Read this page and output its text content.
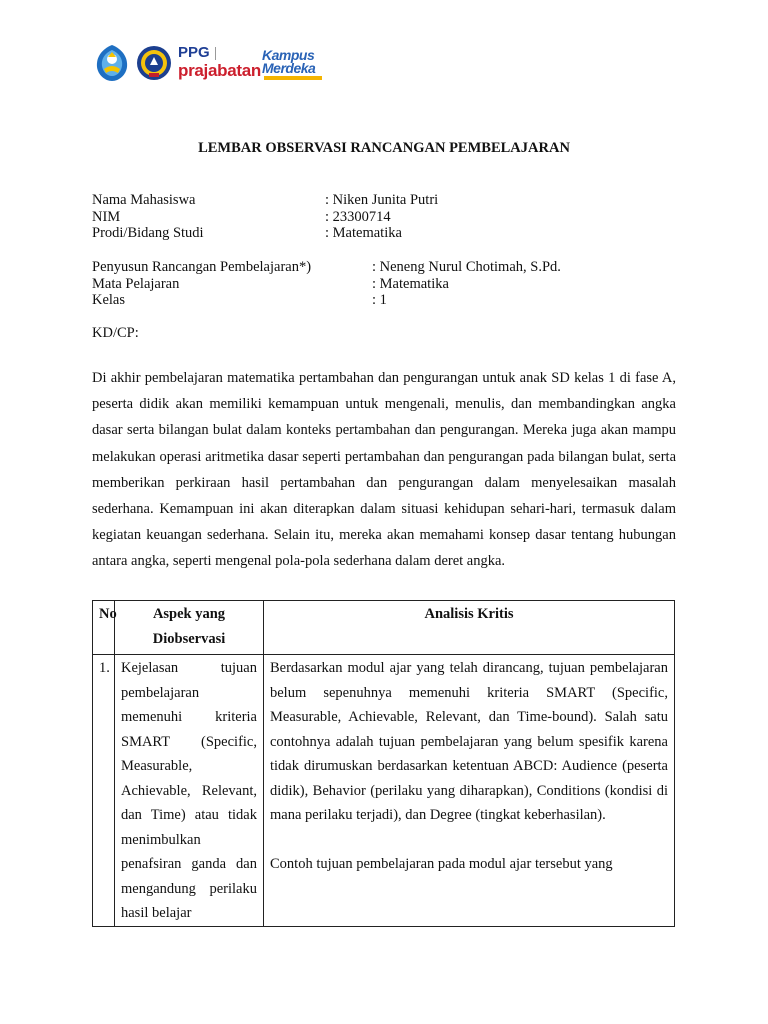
PPG

prajabatan
Kampus
Merdeka
LEMBAR OBSERVASI RANCANGAN PEMBELAJARAN
Nama Mahasiswa	: Niken Junita Putri
NIM	: 23300714
Prodi/Bidang Studi	: Matematika
Penyusun Rancangan Pembelajaran*)	: Neneng Nurul Chotimah, S.Pd.
Mata Pelajaran	: Matematika
Kelas	: 1
KD/CP:
Di akhir pembelajaran matematika pertambahan dan pengurangan untuk anak SD kelas 1 di fase A, peserta didik akan memiliki kemampuan untuk mengenali, menulis, dan membandingkan angka dasar serta bilangan bulat dalam konteks pertambahan dan pengurangan. Mereka juga akan mampu melakukan operasi aritmetika dasar seperti pertambahan dan pengurangan pada bilangan bulat, serta memberikan perkiraan hasil pertambahan dan pengurangan dalam menyelesaikan masalah sederhana. Kemampuan ini akan diterapkan dalam situasi kehidupan sehari-hari, termasuk dalam kegiatan keuangan sederhana. Selain itu, mereka akan memahami konsep dasar tentang hubungan antara angka, seperti mengenal pola-pola sederhana dalam deret angka.
No	Aspek yang Diobservasi	Analisis Kritis
1.	Kejelasan tujuan pembelajaran memenuhi kriteria SMART (Specific, Measurable, Achievable, Relevant, dan Time) atau tidak menimbulkan penafsiran ganda dan mengandung perilaku hasil belajar	Berdasarkan modul ajar yang telah dirancang, tujuan pembelajaran belum sepenuhnya memenuhi kriteria SMART (Specific, Measurable, Achievable, Relevant, dan Time-bound). Salah satu contohnya adalah tujuan pembelajaran yang belum spesifik karena tidak dirumuskan berdasarkan ketentuan ABCD: Audience (peserta didik), Behavior (perilaku yang diharapkan), Conditions (kondisi di mana perilaku terjadi), dan Degree (tingkat keberhasilan).
Contoh tujuan pembelajaran pada modul ajar tersebut yang
